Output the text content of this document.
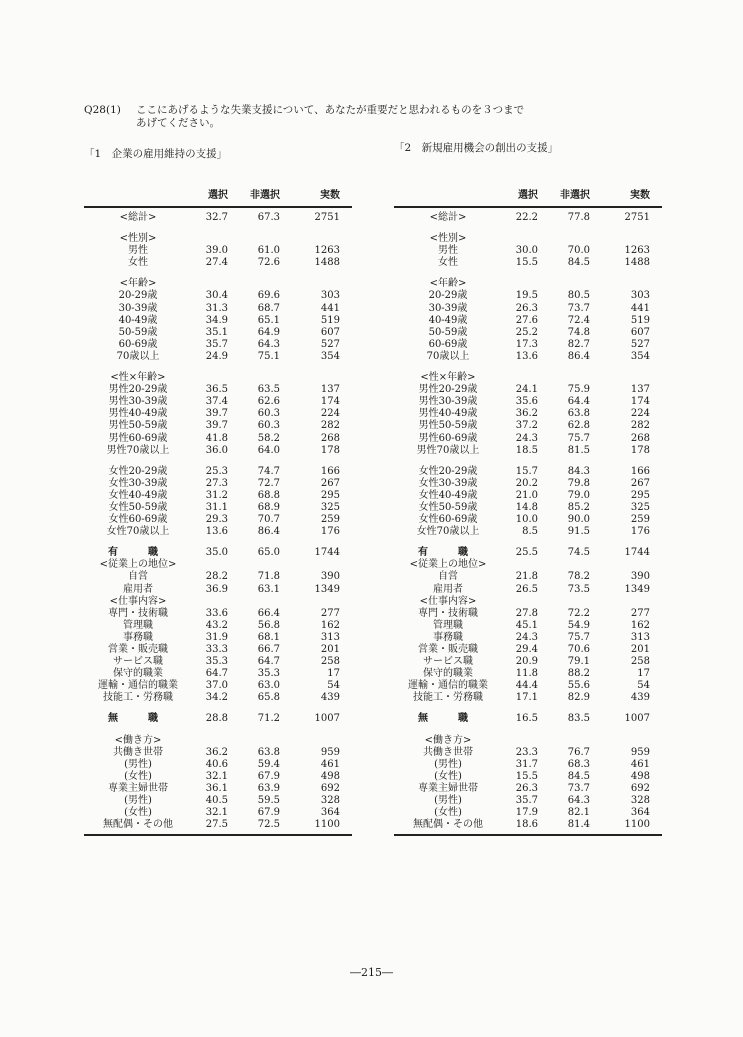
Q28(1) ここにあげるような失業支援について、あなたが重要だと思われるものを３つまで
あげてください。
「1　企業の雇用維持の支援」	「2　新規雇用機会の創出の支援」
選択	非選択	実数
<総計>	32.7	67.3	2751
<性別>
男性	39.0	61.0	1263
女性	27.4	72.6	1488
<年齢>
20-29歳	30.4	69.6	303
30-39歳	31.3	68.7	441
40-49歳	34.9	65.1	519
50-59歳	35.1	64.9	607
60-69歳	35.7	64.3	527
70歳以上	24.9	75.1	354
<性×年齢>
男性20-29歳	36.5	63.5	137
男性30-39歳	37.4	62.6	174
男性40-49歳	39.7	60.3	224
男性50-59歳	39.7	60.3	282
男性60-69歳	41.8	58.2	268
男性70歳以上	36.0	64.0	178
女性20-29歳	25.3	74.7	166
女性30-39歳	27.3	72.7	267
女性40-49歳	31.2	68.8	295
女性50-59歳	31.1	68.9	325
女性60-69歳	29.3	70.7	259
女性70歳以上	13.6	86.4	176
有　職	35.0	65.0	1744
<従業上の地位>
自営	28.2	71.8	390
雇用者	36.9	63.1	1349
<仕事内容>
専門・技術職	33.6	66.4	277
管理職	43.2	56.8	162
事務職	31.9	68.1	313
営業・販売職	33.3	66.7	201
サービス職	35.3	64.7	258
保守的職業	64.7	35.3	17
運輸・通信的職業	37.0	63.0	54
技能工・労務職	34.2	65.8	439
無　職	28.8	71.2	1007
<働き方>
共働き世帯	36.2	63.8	959
(男性)	40.6	59.4	461
(女性)	32.1	67.9	498
専業主婦世帯	36.1	63.9	692
(男性)	40.5	59.5	328
(女性)	32.1	67.9	364
無配偶・その他	27.5	72.5	1100
選択	非選択	実数
<総計>	22.2	77.8	2751
<性別>
男性	30.0	70.0	1263
女性	15.5	84.5	1488
<年齢>
20-29歳	19.5	80.5	303
30-39歳	26.3	73.7	441
40-49歳	27.6	72.4	519
50-59歳	25.2	74.8	607
60-69歳	17.3	82.7	527
70歳以上	13.6	86.4	354
<性×年齢>
男性20-29歳	24.1	75.9	137
男性30-39歳	35.6	64.4	174
男性40-49歳	36.2	63.8	224
男性50-59歳	37.2	62.8	282
男性60-69歳	24.3	75.7	268
男性70歳以上	18.5	81.5	178
女性20-29歳	15.7	84.3	166
女性30-39歳	20.2	79.8	267
女性40-49歳	21.0	79.0	295
女性50-59歳	14.8	85.2	325
女性60-69歳	10.0	90.0	259
女性70歳以上	8.5	91.5	176
有　職	25.5	74.5	1744
<従業上の地位>
自営	21.8	78.2	390
雇用者	26.5	73.5	1349
<仕事内容>
専門・技術職	27.8	72.2	277
管理職	45.1	54.9	162
事務職	24.3	75.7	313
営業・販売職	29.4	70.6	201
サービス職	20.9	79.1	258
保守的職業	11.8	88.2	17
運輸・通信的職業	44.4	55.6	54
技能工・労務職	17.1	82.9	439
無　職	16.5	83.5	1007
<働き方>
共働き世帯	23.3	76.7	959
(男性)	31.7	68.3	461
(女性)	15.5	84.5	498
専業主婦世帯	26.3	73.7	692
(男性)	35.7	64.3	328
(女性)	17.9	82.1	364
無配偶・その他	18.6	81.4	1100
―215―
